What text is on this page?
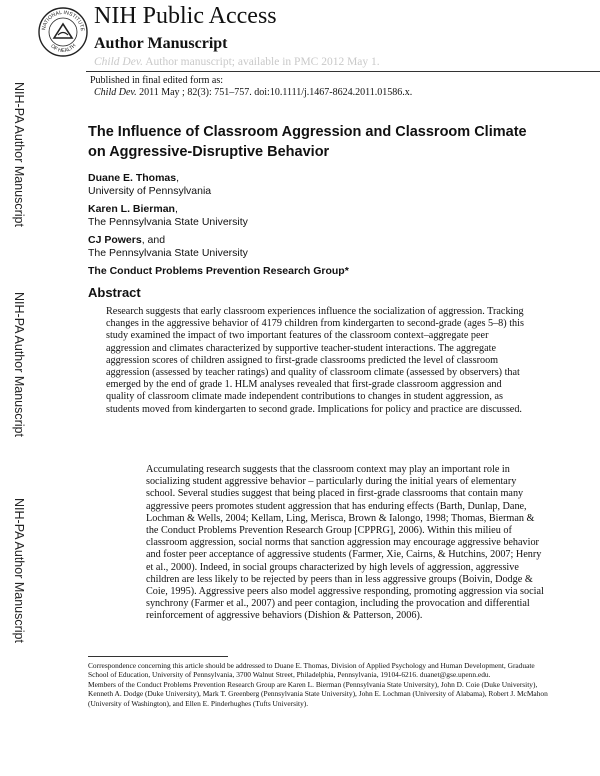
NATIONAL INSTITUTE
OF HEALTH
NIH Public Access
Author Manuscript
Child Dev. Author manuscript; available in PMC 2012 May 1.
Published in final edited form as:
Child Dev. 2011 May ; 82(3): 751–757. doi:10.1111/j.1467-8624.2011.01586.x.
NIH-PA Author Manuscript
NIH-PA Author Manuscript
NIH-PA Author Manuscript
The Influence of Classroom Aggression and Classroom Climate on Aggressive-Disruptive Behavior
Duane E. Thomas,
University of Pennsylvania
Karen L. Bierman,
The Pennsylvania State University
CJ Powers, and
The Pennsylvania State University
The Conduct Problems Prevention Research Group*
Abstract
Research suggests that early classroom experiences influence the socialization of aggression. Tracking changes in the aggressive behavior of 4179 children from kindergarten to second-grade (ages 5–8) this study examined the impact of two important features of the classroom context–aggregate peer aggression and climates characterized by supportive teacher-student interactions. The aggregate aggression scores of children assigned to first-grade classrooms predicted the level of classroom aggression (assessed by teacher ratings) and quality of classroom climate (assessed by observers) that emerged by the end of grade 1. HLM analyses revealed that first-grade classroom aggression and quality of classroom climate made independent contributions to changes in student aggression, as students moved from kindergarten to second grade. Implications for policy and practice are discussed.
Accumulating research suggests that the classroom context may play an important role in socializing student aggressive behavior – particularly during the initial years of elementary school. Several studies suggest that being placed in first-grade classrooms that contain many aggressive peers promotes student aggression that has enduring effects (Barth, Dunlap, Dane, Lochman & Wells, 2004; Kellam, Ling, Merisca, Brown & Ialongo, 1998; Thomas, Bierman & the Conduct Problems Prevention Research Group [CPPRG], 2006). Within this milieu of classroom aggression, social norms that sanction aggression may encourage aggressive behavior and foster peer acceptance of aggressive students (Farmer, Xie, Cairns, & Hutchins, 2007; Henry et al., 2000). Indeed, in social groups characterized by high levels of aggression, aggressive children are less likely to be rejected by peers than in less aggressive groups (Boivin, Dodge & Coie, 1995). Aggressive peers also model aggressive responding, promoting aggression via social synchrony (Farmer et al., 2007) and peer contagion, including the provocation and differential reinforcement of aggressive behaviors (Dishion & Patterson, 2006).

Correspondence concerning this article should be addressed to Duane E. Thomas, Division of Applied Psychology and Human Development, Graduate School of Education, University of Pennsylvania, 3700 Walnut Street, Philadelphia, Pennsylvania, 19104-6216. duanet@gse.upenn.edu.

Members of the Conduct Problems Prevention Research Group are Karen L. Bierman (Pennsylvania State University), John D. Coie (Duke University), Kenneth A. Dodge (Duke University), Mark T. Greenberg (Pennsylvania State University), John E. Lochman (University of Alabama), Robert J. McMahon (University of Washington), and Ellen E. Pinderhughes (Tufts University).
